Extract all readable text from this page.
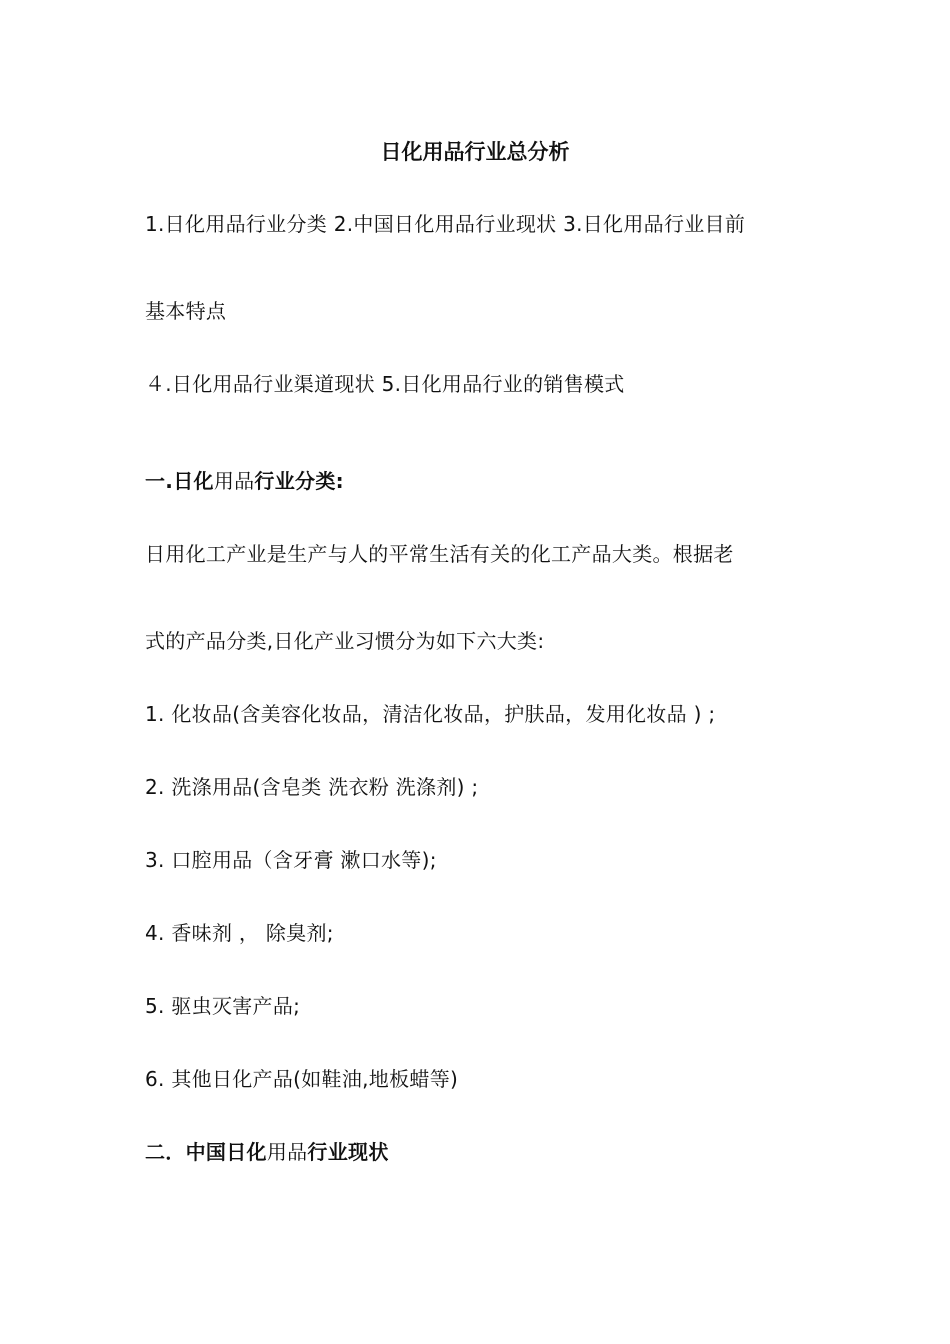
日化用品行业总分析
1.日化用品行业分类 2.中国日化用品行业现状 3.日化用品行业目前
基本特点
４.日化用品行业渠道现状 5.日化用品行业的销售模式
一.日化用品行业分类:
日用化工产业是生产与人的平常生活有关的化工产品大类。根据老
式的产品分类,日化产业习惯分为如下六大类:
1. 化妆品(含美容化妆品，清洁化妆品，护肤品，发用化妆品 ) ;
2. 洗涤用品(含皂类 洗衣粉 洗涤剂) ;
3. 口腔用品（含牙膏 漱口水等);
4. 香味剂 ， 除臭剂;
5. 驱虫灭害产品;
6. 其他日化产品(如鞋油,地板蜡等)
二．中国日化用品行业现状
